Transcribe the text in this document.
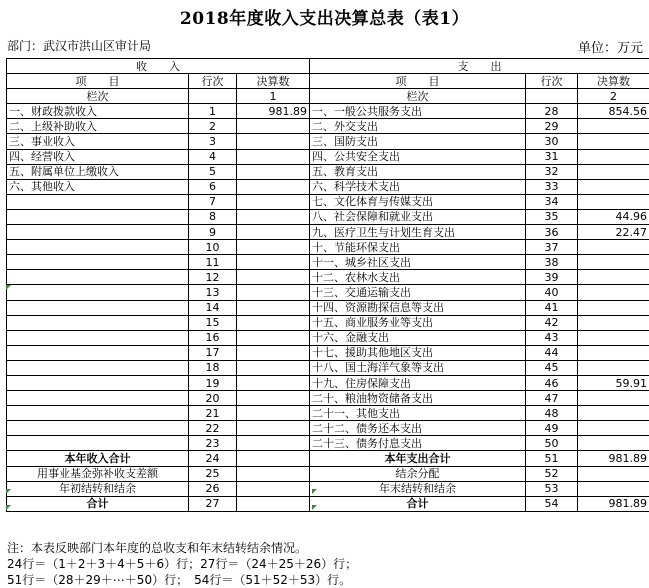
2018年度收入支出决算总表（表1）
部门：武汉市洪山区审计局	单位：万元
收　　入			支　　出		
项　　目	行次	决算数	项　　目	行次	决算数
栏次		1	栏次		2
一、财政拨款收入	1	981.89	一、一般公共服务支出	28	854.56
二、上级补助收入	2		二、外交支出	29	
三、事业收入	3		三、国防支出	30	
四、经营收入	4		四、公共安全支出	31	
五、附属单位上缴收入	5		五、教育支出	32	
六、其他收入	6		六、科学技术支出	33	
	7		七、文化体育与传媒支出	34	
	8		八、社会保障和就业支出	35	44.96
	9		九、医疗卫生与计划生育支出	36	22.47
	10		十、节能环保支出	37	
	11		十一、城乡社区支出	38	
	12		十二、农林水支出	39	
	13		十三、交通运输支出	40	
	14		十四、资源勘探信息等支出	41	
	15		十五、商业服务业等支出	42	
	16		十六、金融支出	43	
	17		十七、援助其他地区支出	44	
	18		十八、国土海洋气象等支出	45	
	19		十九、住房保障支出	46	59.91
	20		二十、粮油物资储备支出	47	
	21		二十一、其他支出	48	
	22		二十二、债务还本支出	49	
	23		二十三、债务付息支出	50	
本年收入合计	24		本年支出合计	51	981.89
用事业基金弥补收支差额	25		结余分配	52	
年初结转和结余	26		年末结转和结余	53	
合计	27		合计	54	981.89
注：本表反映部门本年度的总收支和年末结转结余情况。
24行＝（1＋2＋3＋4＋5＋6）行；27行＝（24＋25＋26）行；
51行＝（28＋29＋⋯＋50）行；　54行＝（51＋52＋53）行。
